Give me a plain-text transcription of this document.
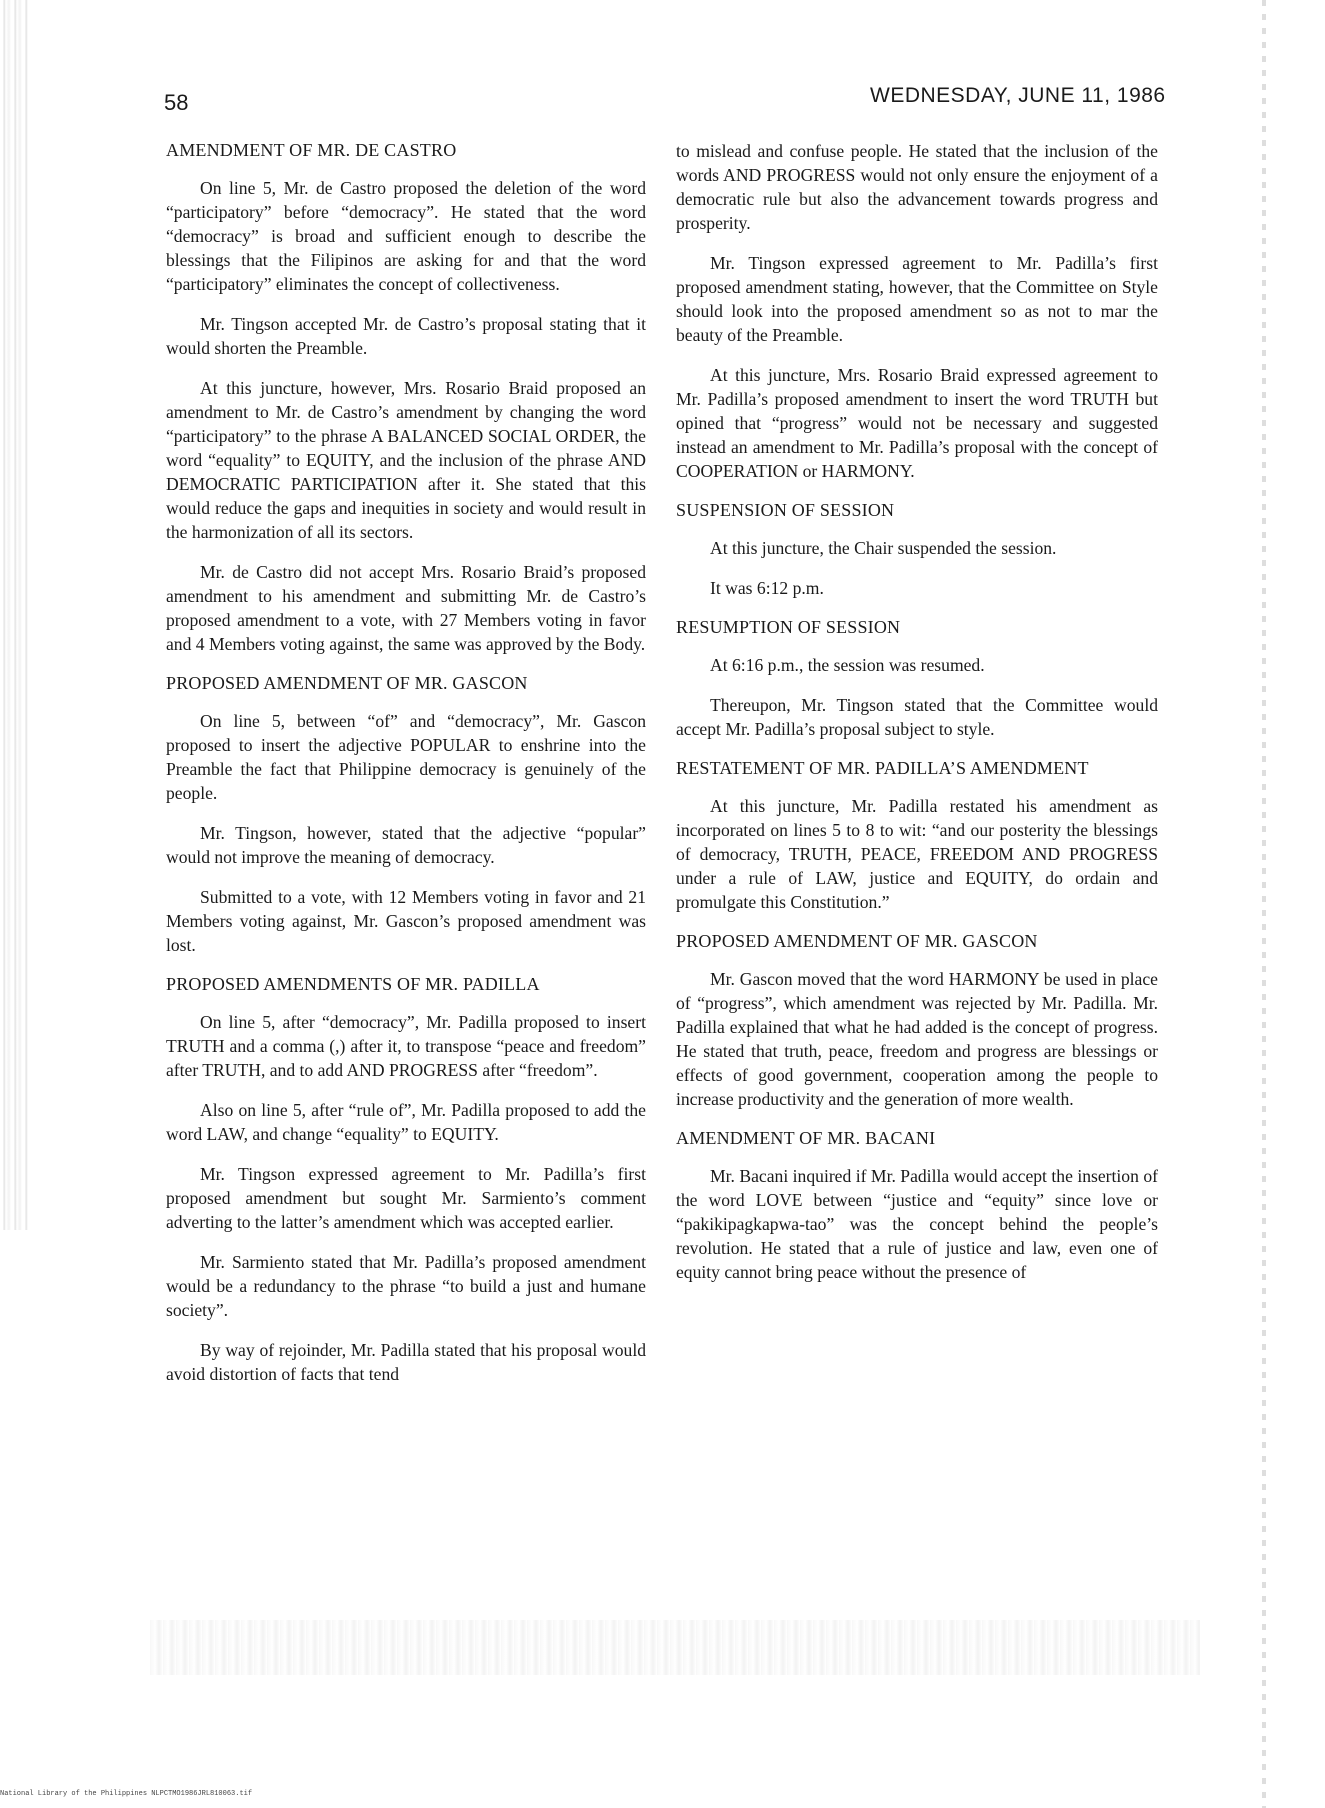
58	WEDNESDAY, JUNE 11, 1986
AMENDMENT OF MR. DE CASTRO

On line 5, Mr. de Castro proposed the deletion of the word “participatory” before “democracy”. He stated that the word “democracy” is broad and sufficient enough to describe the blessings that the Filipinos are asking for and that the word “participatory” eliminates the concept of collectiveness.

Mr. Tingson accepted Mr. de Castro’s proposal stating that it would shorten the Preamble.

At this juncture, however, Mrs. Rosario Braid proposed an amendment to Mr. de Castro’s amendment by changing the word “participatory” to the phrase A BALANCED SOCIAL ORDER, the word “equality” to EQUITY, and the inclusion of the phrase AND DEMOCRATIC PARTICIPATION after it. She stated that this would reduce the gaps and inequities in society and would result in the harmonization of all its sectors.

Mr. de Castro did not accept Mrs. Rosario Braid’s proposed amendment to his amendment and submitting Mr. de Castro’s proposed amendment to a vote, with 27 Members voting in favor and 4 Members voting against, the same was approved by the Body.

PROPOSED AMENDMENT OF MR. GASCON

On line 5, between “of” and “democracy”, Mr. Gascon proposed to insert the adjective POPULAR to enshrine into the Preamble the fact that Philippine democracy is genuinely of the people.

Mr. Tingson, however, stated that the adjective “popular” would not improve the meaning of democracy.

Submitted to a vote, with 12 Members voting in favor and 21 Members voting against, Mr. Gascon’s proposed amendment was lost.

PROPOSED AMENDMENTS OF MR. PADILLA

On line 5, after “democracy”, Mr. Padilla proposed to insert TRUTH and a comma (,) after it, to transpose “peace and freedom” after TRUTH, and to add AND PROGRESS after “freedom”.

Also on line 5, after “rule of”, Mr. Padilla proposed to add the word LAW, and change “equality” to EQUITY.

Mr. Tingson expressed agreement to Mr. Padilla’s first proposed amendment but sought Mr. Sarmiento’s comment adverting to the latter’s amendment which was accepted earlier.

Mr. Sarmiento stated that Mr. Padilla’s proposed amendment would be a redundancy to the phrase “to build a just and humane society”.

By way of rejoinder, Mr. Padilla stated that his proposal would avoid distortion of facts that tend

to mislead and confuse people. He stated that the inclusion of the words AND PROGRESS would not only ensure the enjoyment of a democratic rule but also the advancement towards progress and prosperity.

Mr. Tingson expressed agreement to Mr. Padilla’s first proposed amendment stating, however, that the Committee on Style should look into the proposed amendment so as not to mar the beauty of the Preamble.

At this juncture, Mrs. Rosario Braid expressed agreement to Mr. Padilla’s proposed amendment to insert the word TRUTH but opined that “progress” would not be necessary and suggested instead an amendment to Mr. Padilla’s proposal with the concept of COOPERATION or HARMONY.

SUSPENSION OF SESSION

At this juncture, the Chair suspended the session.

It was 6:12 p.m.

RESUMPTION OF SESSION

At 6:16 p.m., the session was resumed.

Thereupon, Mr. Tingson stated that the Committee would accept Mr. Padilla’s proposal subject to style.

RESTATEMENT OF MR. PADILLA’S AMENDMENT

At this juncture, Mr. Padilla restated his amendment as incorporated on lines 5 to 8 to wit: “and our posterity the blessings of democracy, TRUTH, PEACE, FREEDOM AND PROGRESS under a rule of LAW, justice and EQUITY, do ordain and promulgate this Constitution.”

PROPOSED AMENDMENT OF MR. GASCON

Mr. Gascon moved that the word HARMONY be used in place of “progress”, which amendment was rejected by Mr. Padilla. Mr. Padilla explained that what he had added is the concept of progress. He stated that truth, peace, freedom and progress are blessings or effects of good government, cooperation among the people to increase productivity and the generation of more wealth.

AMENDMENT OF MR. BACANI

Mr. Bacani inquired if Mr. Padilla would accept the insertion of the word LOVE between “justice and “equity” since love or “pakikipagkapwa-tao” was the concept behind the people’s revolution. He stated that a rule of justice and law, even one of equity cannot bring peace without the presence of

National Library of the Philippines NLPCTMO1986JRL810063.tif
